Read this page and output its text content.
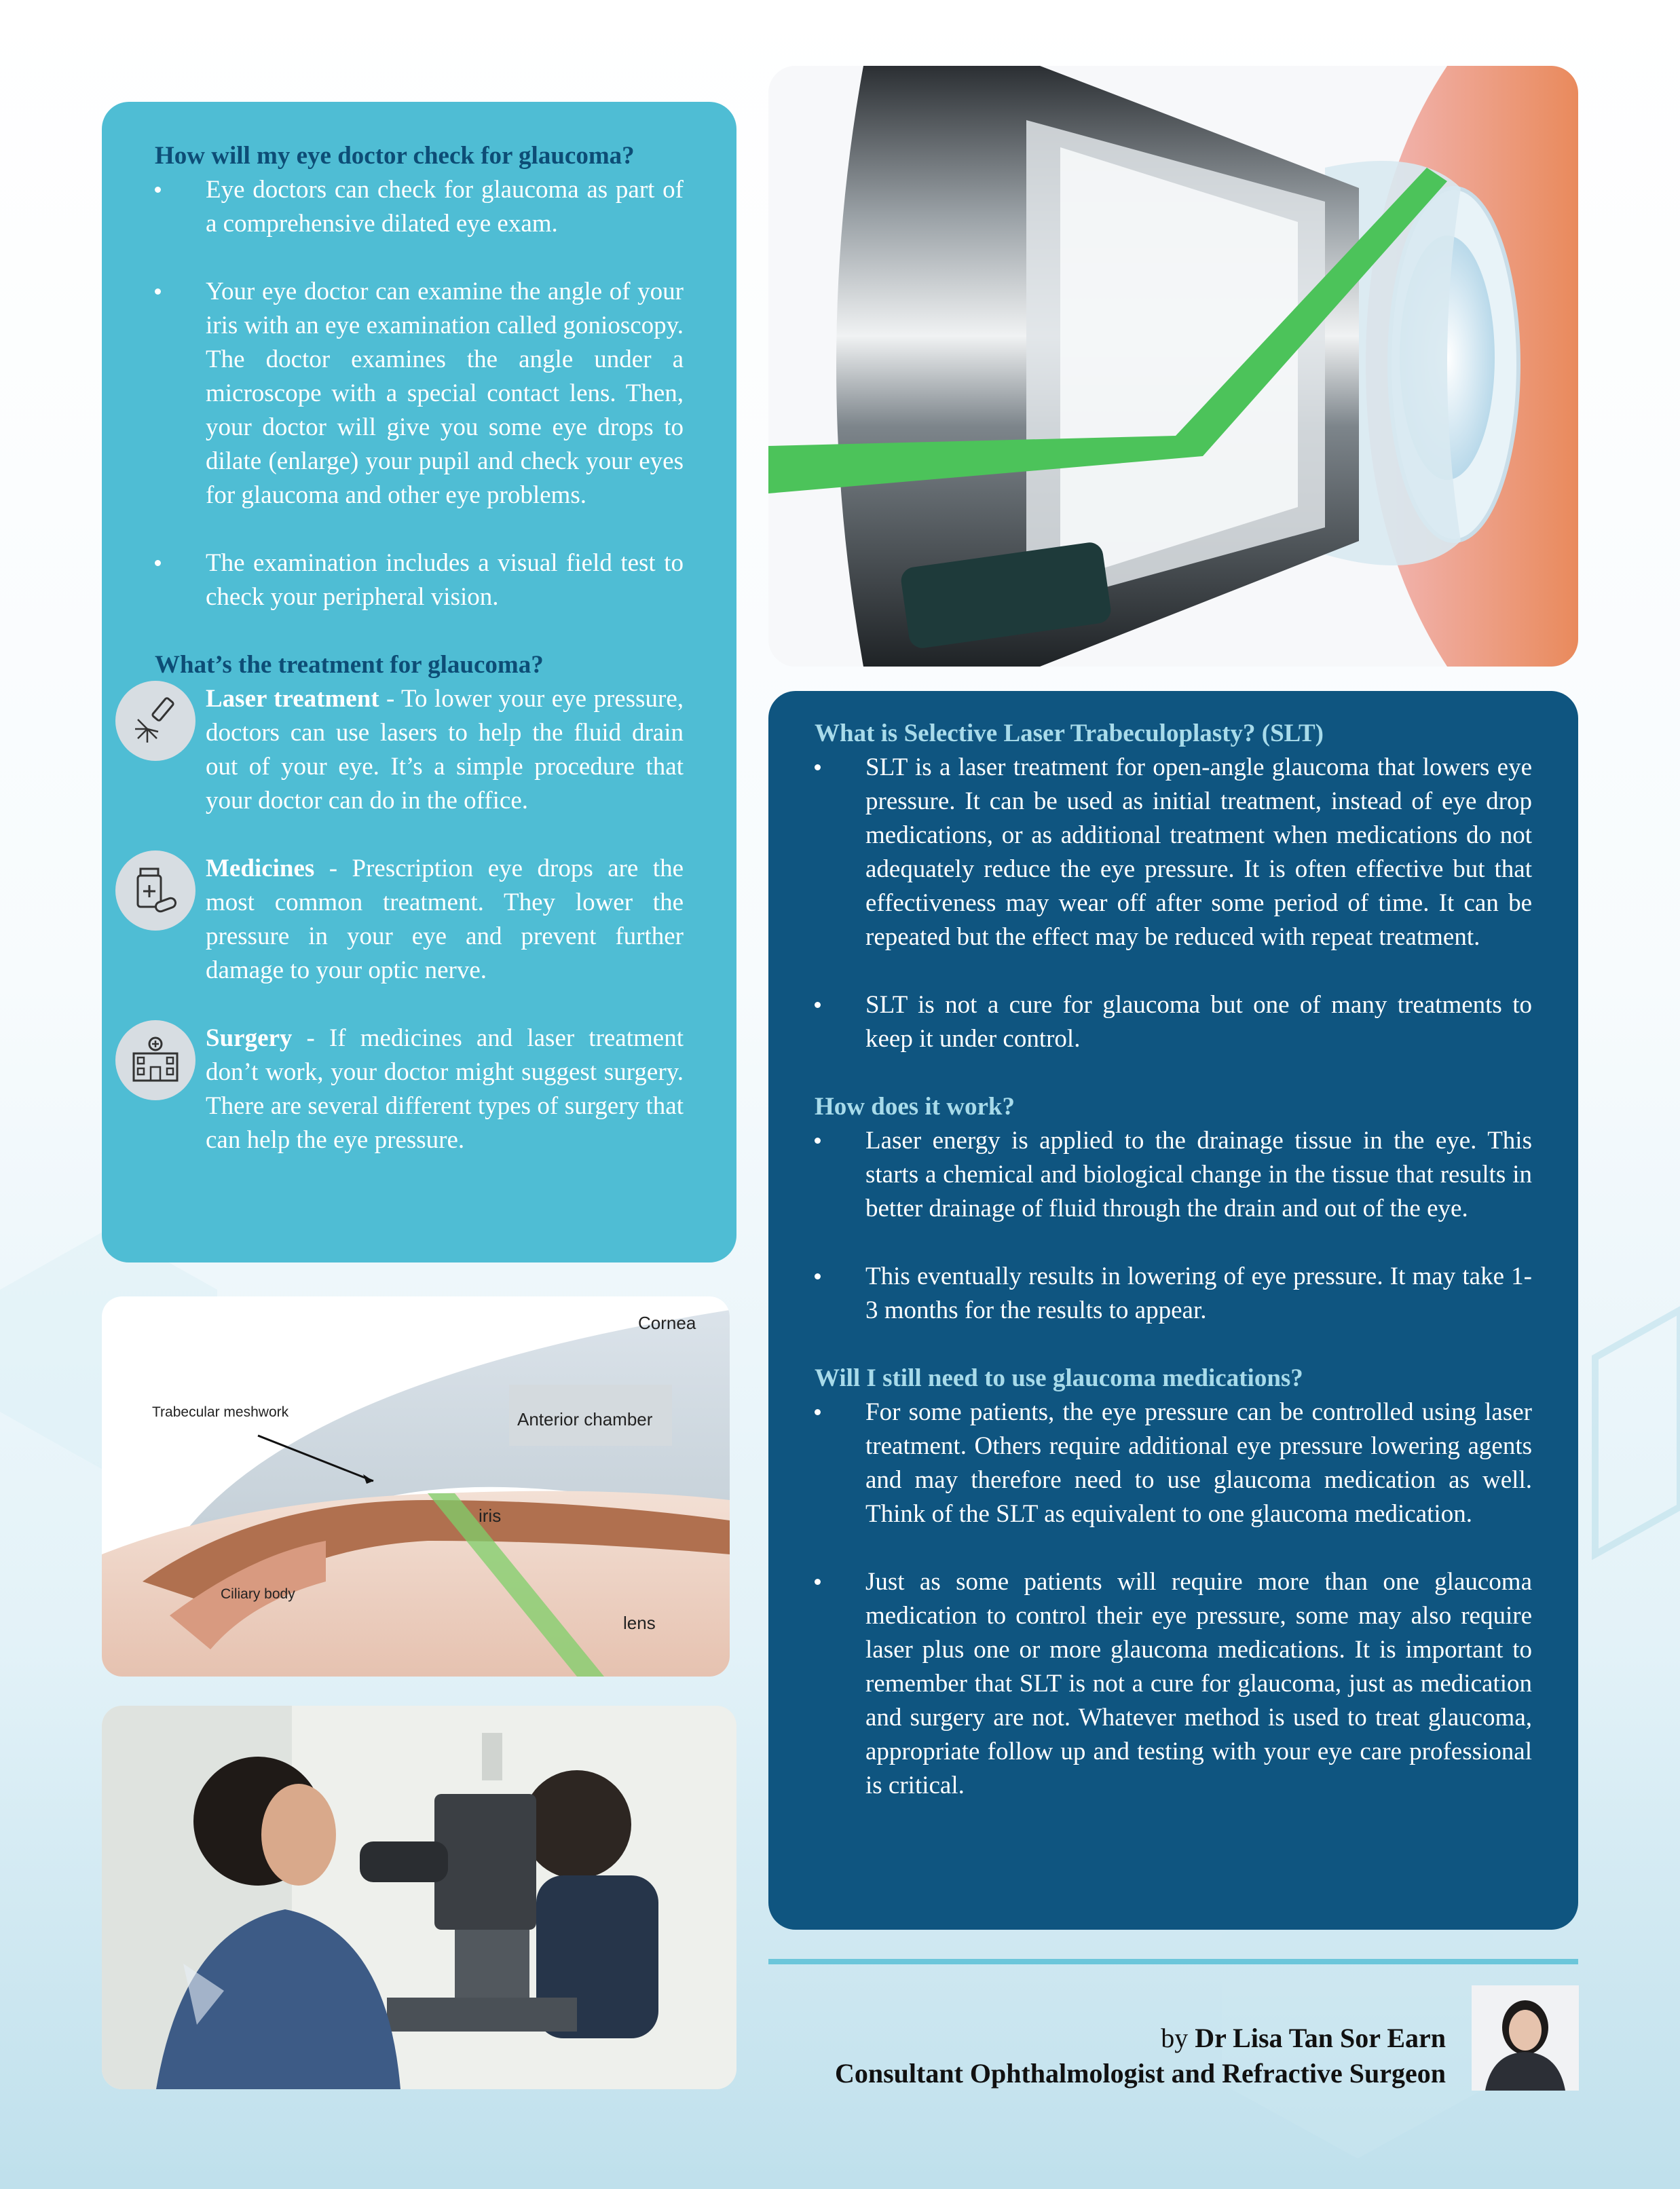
How will my eye doctor check for glaucoma?

Eye doctors can check for glaucoma as part of a comprehensive dilated eye exam.

Your eye doctor can examine the angle of your iris with an eye examination called gonioscopy. The doctor examines the angle under a microscope with a special contact lens. Then, your doctor will give you some eye drops to dilate (enlarge) your pupil and check your eyes for glaucoma and other eye problems.

The examination includes a visual field test to check your peripheral vision.

What’s the treatment for glaucoma?

Laser treatment - To lower your eye pressure, doctors can use lasers to help the fluid drain out of your eye. It’s a simple procedure that your doctor can do in the office.

Medicines - Prescription eye drops are the most common treatment. They lower the pressure in your eye and prevent further damage to your optic nerve.

Surgery - If medicines and laser treatment don’t work, your doctor might suggest surgery. There are several different types of surgery that can help the eye pressure.

What is Selective Laser Trabeculoplasty? (SLT)

SLT is a laser treatment for open-angle glaucoma that lowers eye pressure. It can be used as initial treatment, instead of eye drop medications, or as additional treatment when medications do not adequately reduce the eye pressure. It is often effective but that effectiveness may wear off after some period of time. It can be repeated but the effect may be reduced with repeat treatment.

SLT is not a cure for glaucoma but one of many treatments to keep it under control.

How does it work?

Laser energy is applied to the drainage tissue in the eye. This starts a chemical and biological change in the tissue that results in better drainage of fluid through the drain and out of the eye.

This eventually results in lowering of eye pressure. It may take 1-3 months for the results to appear.

Will I still need to use glaucoma medications?

For some patients, the eye pressure can be controlled using laser treatment. Others require additional eye pressure lowering agents and may therefore need to use glaucoma medication as well. Think of the SLT as equivalent to one glaucoma medication.

Just as some patients will require more than one glaucoma medication to control their eye pressure, some may also require laser plus one or more glaucoma medications. It is important to remember that SLT is not a cure for glaucoma, just as medication and surgery are not. Whatever method is used to treat glaucoma, appropriate follow up and testing with your eye care professional is critical.

Cornea
Trabecular meshwork	Anterior chamber
iris
Ciliary body
lens
by Dr Lisa Tan Sor Earn
Consultant Ophthalmologist and Refractive Surgeon
